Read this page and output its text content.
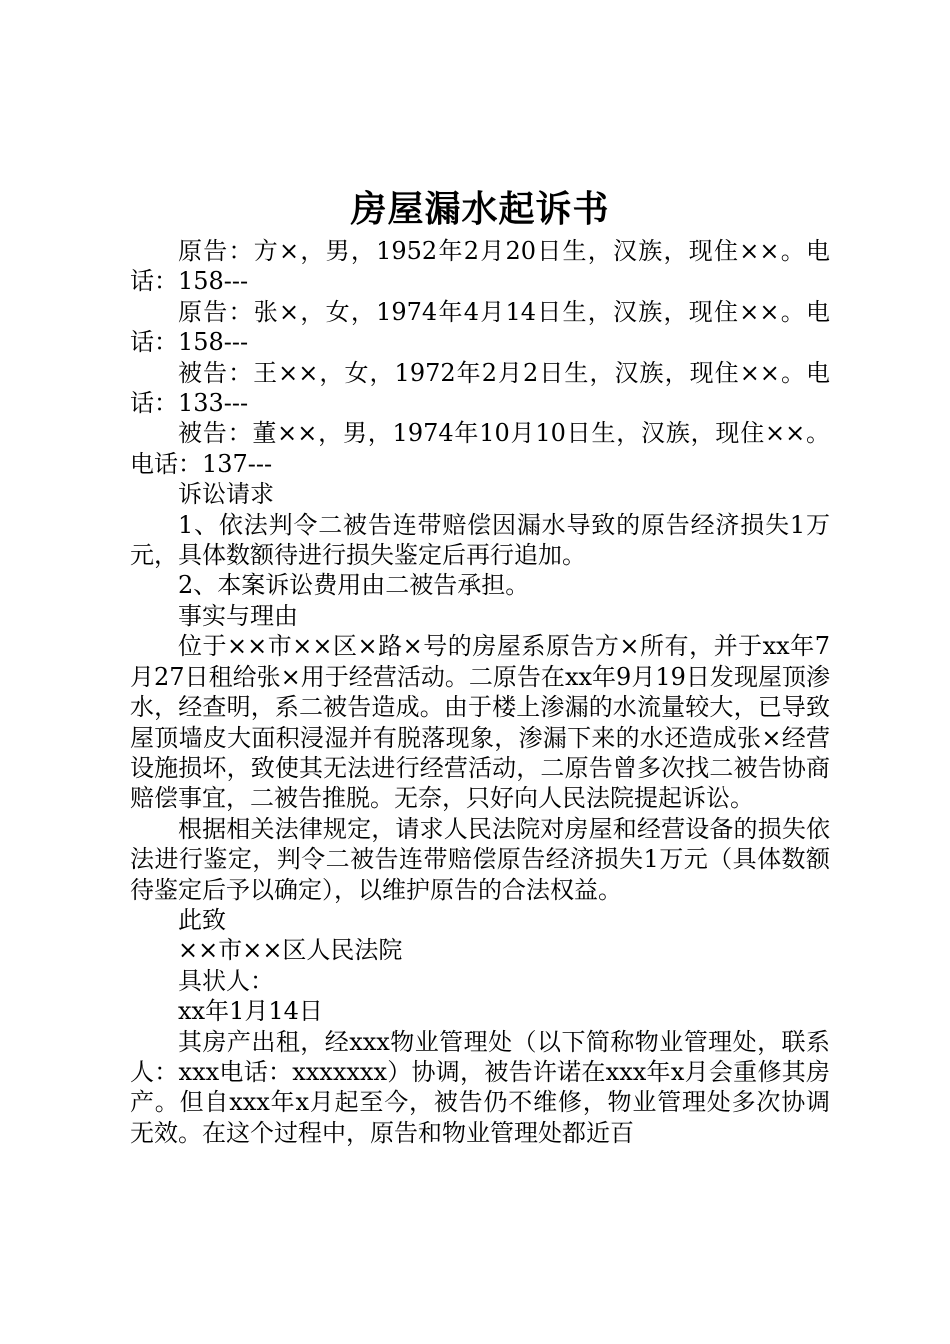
房屋漏水起诉书

原告：方×，男，1952年2月20日生，汉族，现住××。电话：158---

原告：张×，女，1974年4月14日生，汉族，现住××。电话：158---

被告：王××，女，1972年2月2日生，汉族，现住××。电话：133---

被告：董××，男，1974年10月10日生，汉族，现住××。电话：137---

诉讼请求

1、依法判令二被告连带赔偿因漏水导致的原告经济损失1万元，具体数额待进行损失鉴定后再行追加。

2、本案诉讼费用由二被告承担。

事实与理由

位于××市××区×路×号的房屋系原告方×所有，并于xx年7月27日租给张×用于经营活动。二原告在xx年9月19日发现屋顶渗水，经查明，系二被告造成。由于楼上渗漏的水流量较大，已导致屋顶墙皮大面积浸湿并有脱落现象，渗漏下来的水还造成张×经营设施损坏，致使其无法进行经营活动，二原告曾多次找二被告协商赔偿事宜，二被告推脱。无奈，只好向人民法院提起诉讼。

根据相关法律规定，请求人民法院对房屋和经营设备的损失依法进行鉴定，判令二被告连带赔偿原告经济损失1万元（具体数额待鉴定后予以确定），以维护原告的合法权益。

此致

××市××区人民法院

具状人：

xx年1月14日

其房产出租，经xxx物业管理处（以下简称物业管理处，联系人：xxx电话：xxxxxxx）协调，被告许诺在xxx年x月会重修其房产。但自xxx年x月起至今，被告仍不维修，物业管理处多次协调无效。在这个过程中，原告和物业管理处都近百
